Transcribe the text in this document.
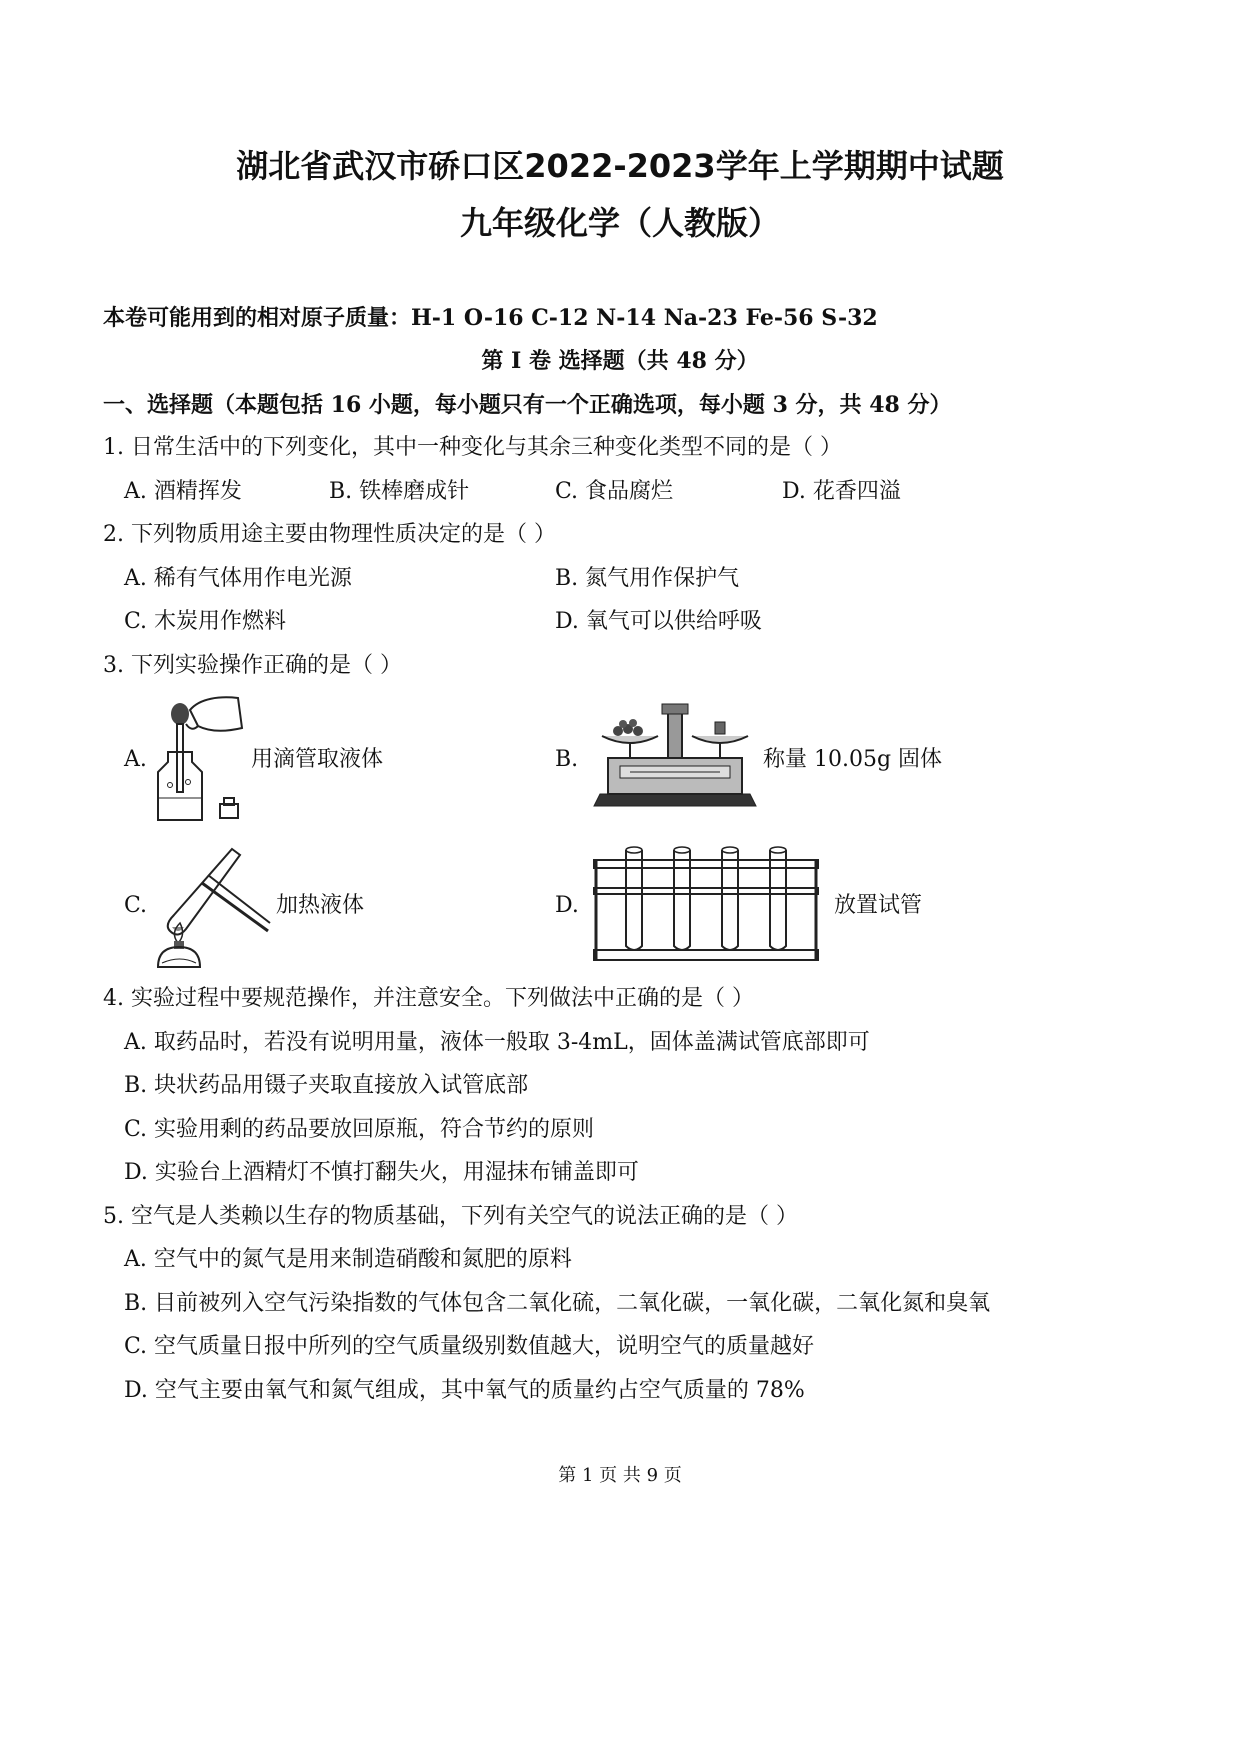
湖北省武汉市硚口区2022-2023学年上学期期中试题
九年级化学（人教版）
本卷可能用到的相对原子质量：H-1 O-16 C-12 N-14 Na-23 Fe-56 S-32
第 I 卷 选择题（共 48 分）
一、选择题（本题包括 16 小题，每小题只有一个正确选项，每小题 3 分，共 48 分）
1. 日常生活中的下列变化，其中一种变化与其余三种变化类型不同的是（ ）
A. 酒精挥发	B. 铁棒磨成针	C. 食品腐烂	D. 花香四溢
2. 下列物质用途主要由物理性质决定的是（ ）
A. 稀有气体用作电光源	B. 氮气用作保护气
C. 木炭用作燃料	D. 氧气可以供给呼吸
3. 下列实验操作正确的是（ ）
A.	用滴管取液体	B.	称量 10.05g 固体
C.	加热液体	D.	放置试管
4. 实验过程中要规范操作，并注意安全。下列做法中正确的是（ ）
A. 取药品时，若没有说明用量，液体一般取 3-4mL，固体盖满试管底部即可
B. 块状药品用镊子夹取直接放入试管底部
C. 实验用剩的药品要放回原瓶，符合节约的原则
D. 实验台上酒精灯不慎打翻失火，用湿抹布铺盖即可
5. 空气是人类赖以生存的物质基础，下列有关空气的说法正确的是（ ）
A. 空气中的氮气是用来制造硝酸和氮肥的原料
B. 目前被列入空气污染指数的气体包含二氧化硫，二氧化碳，一氧化碳，二氧化氮和臭氧
C. 空气质量日报中所列的空气质量级别数值越大，说明空气的质量越好
D. 空气主要由氧气和氮气组成，其中氧气的质量约占空气质量的 78%
第 1 页 共 9 页
